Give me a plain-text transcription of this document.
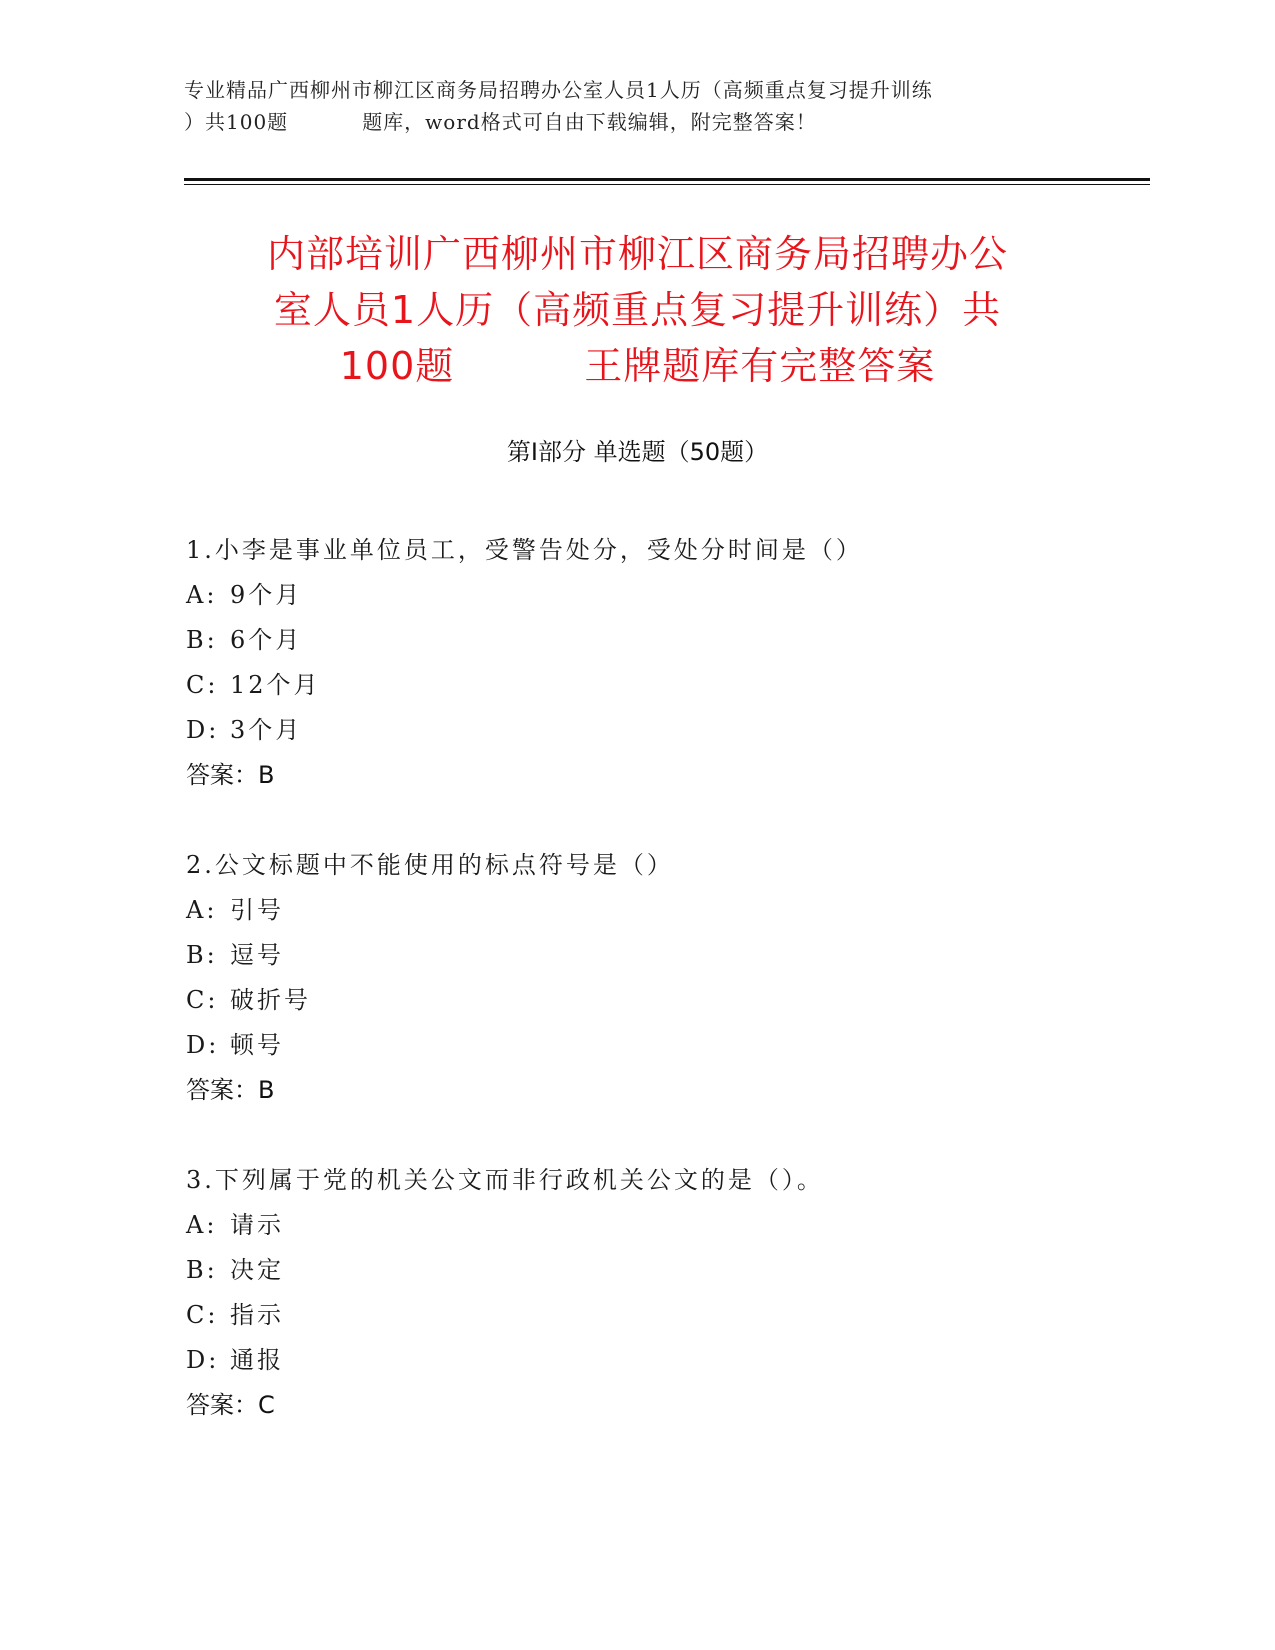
专业精品广西柳州市柳江区商务局招聘办公室人员1人历（高频重点复习提升训练
）共100题	题库，word格式可自由下载编辑，附完整答案！
内部培训广西柳州市柳江区商务局招聘办公
室人员1人历（高频重点复习提升训练）共
100题	王牌题库有完整答案
第Ⅰ部分 单选题（50题）
1.小李是事业单位员工，受警告处分，受处分时间是（）
A: 9个月
B: 6个月
C: 12个月
D: 3个月
答案：B
2.公文标题中不能使用的标点符号是（）
A: 引号
B: 逗号
C: 破折号
D: 顿号
答案：B
3.下列属于党的机关公文而非行政机关公文的是（）。
A: 请示
B: 决定
C: 指示
D: 通报
答案：C
